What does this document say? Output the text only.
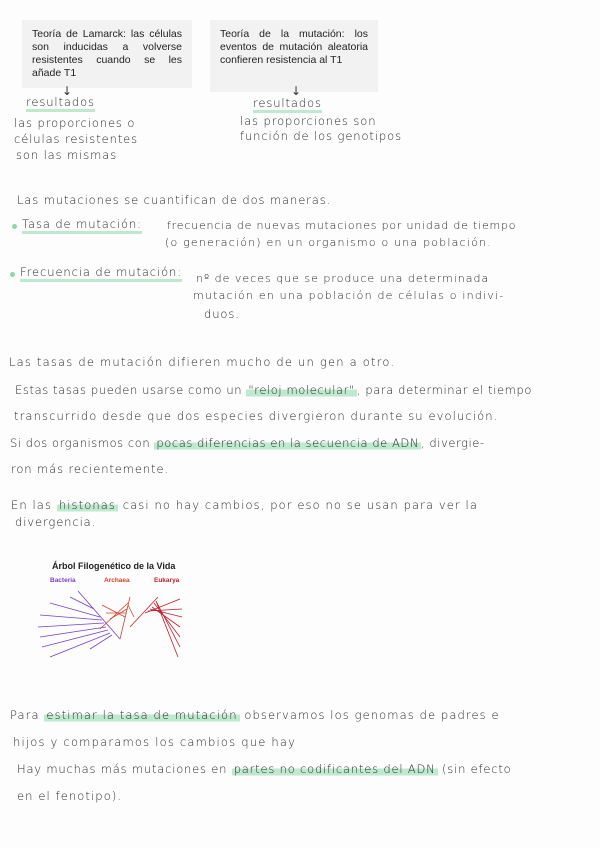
Teoría de Lamarck: las células son inducidas a volverse resistentes cuando se les añade T1
Teoría de la mutación: los eventos de mutación aleatoria confieren resistencia al T1
↓	↓
resultados	resultados
las proporciones o
células resistentes
son las mismas
las proporciones son
función de los genotipos
Las mutaciones se cuantifican de dos maneras.
Tasa de mutación: frecuencia de nuevas mutaciones por unidad de tiempo
(o generación) en un organismo o una población.
Frecuencia de mutación: nº de veces que se produce una determinada
mutación en una población de células o indivi-
duos.
Las tasas de mutación difieren mucho de un gen a otro.
Estas tasas pueden usarse como un "reloj molecular" , para determinar el tiempo
transcurrido desde que dos especies divergieron durante su evolución.
Si dos organismos con pocas diferencias en la secuencia de ADN , divergie-
ron más recientemente.
En las histonas casi no hay cambios, por eso no se usan para ver la
divergencia.
Árbol Filogenético de la Vida
Bacteria	Archaea	Eukarya
Para estimar la tasa de mutación observamos los genomas de padres e
hijos y comparamos los cambios que hay
Hay muchas más mutaciones en partes no codificantes del ADN (sin efecto
en el fenotipo).
